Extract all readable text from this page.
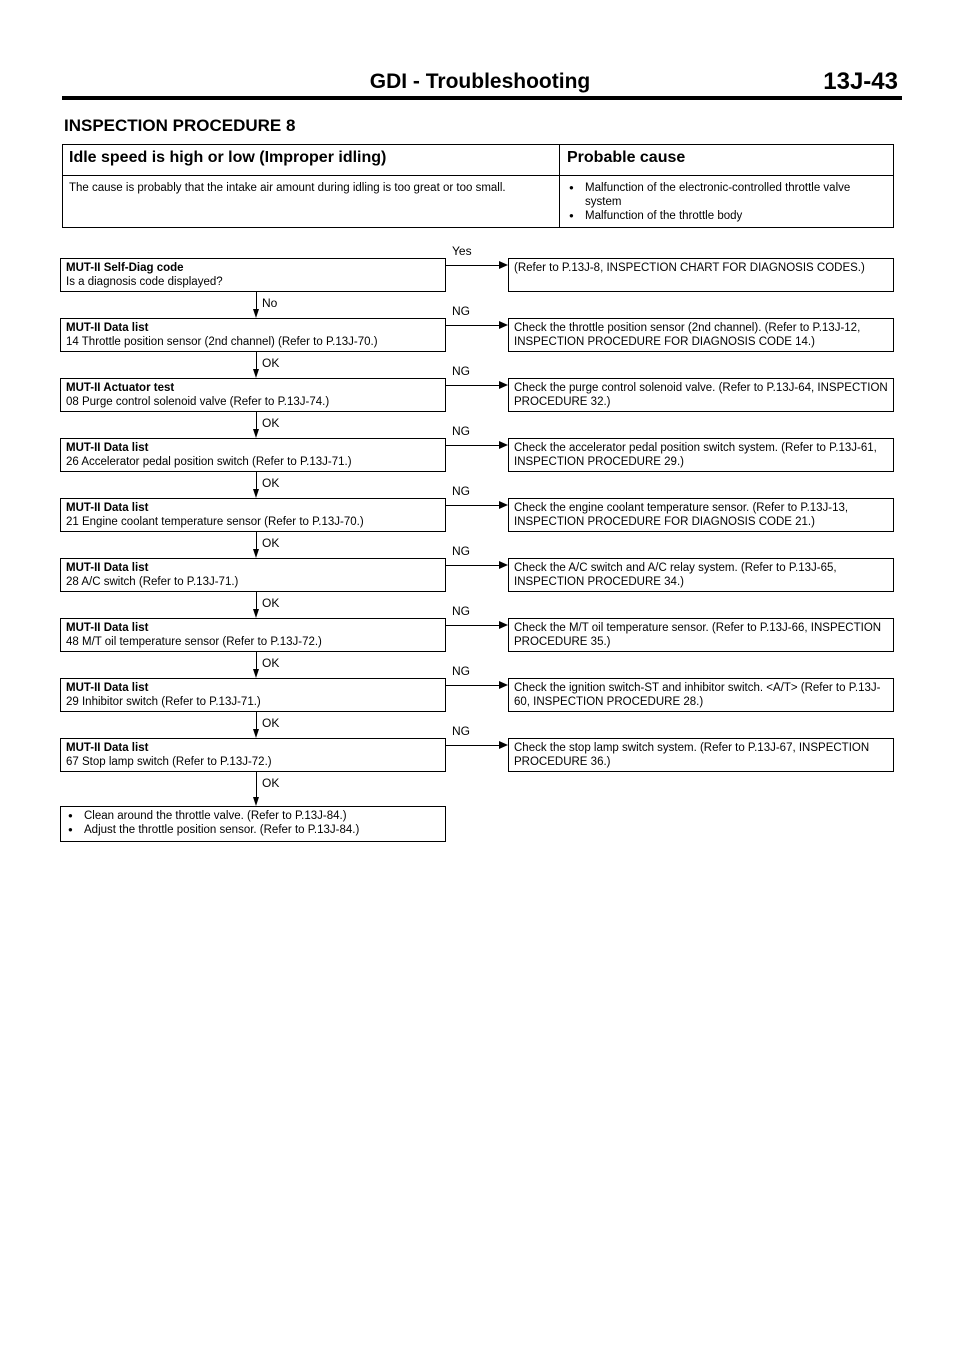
GDI - Troubleshooting	13J-43
INSPECTION PROCEDURE 8
Idle speed is high or low (Improper idling)
The cause is probably that the intake air amount during idling is too great or too small.
Probable cause
● Malfunction of the electronic-controlled throttle valve system
● Malfunction of the throttle body
MUT-II Self-Diag code
Is a diagnosis code displayed?
(Refer to P.13J-8, INSPECTION CHART FOR DIAGNOSIS CODES.)
Yes
No
MUT-II Data list
14 Throttle position sensor (2nd channel) (Refer to P.13J-70.)
Check the throttle position sensor (2nd channel). (Refer to P.13J-12, INSPECTION PROCEDURE FOR DIAGNOSIS CODE 14.)
NG
OK
MUT-II Actuator test
08 Purge control solenoid valve (Refer to P.13J-74.)
Check the purge control solenoid valve. (Refer to P.13J-64, INSPECTION PROCEDURE 32.)
NG
OK
MUT-II Data list
26 Accelerator pedal position switch (Refer to P.13J-71.)
Check the accelerator pedal position switch system. (Refer to P.13J-61, INSPECTION PROCEDURE 29.)
NG
OK
MUT-II Data list
21 Engine coolant temperature sensor (Refer to P.13J-70.)
Check the engine coolant temperature sensor. (Refer to P.13J-13, INSPECTION PROCEDURE FOR DIAGNOSIS CODE 21.)
NG
OK
MUT-II Data list
28 A/C switch (Refer to P.13J-71.)
Check the A/C switch and A/C relay system. (Refer to P.13J-65, INSPECTION PROCEDURE 34.)
NG
OK
MUT-II Data list
48 M/T oil temperature sensor (Refer to P.13J-72.)
Check the M/T oil temperature sensor. (Refer to P.13J-66, INSPECTION PROCEDURE 35.)
NG
OK
MUT-II Data list
29 Inhibitor switch (Refer to P.13J-71.)
Check the ignition switch-ST and inhibitor switch. <A/T> (Refer to P.13J-60, INSPECTION PROCEDURE 28.)
NG
OK
MUT-II Data list
67 Stop lamp switch (Refer to P.13J-72.)
Check the stop lamp switch system. (Refer to P.13J-67, INSPECTION PROCEDURE 36.)
NG
OK
● Clean around the throttle valve. (Refer to P.13J-84.)
● Adjust the throttle position sensor. (Refer to P.13J-84.)
